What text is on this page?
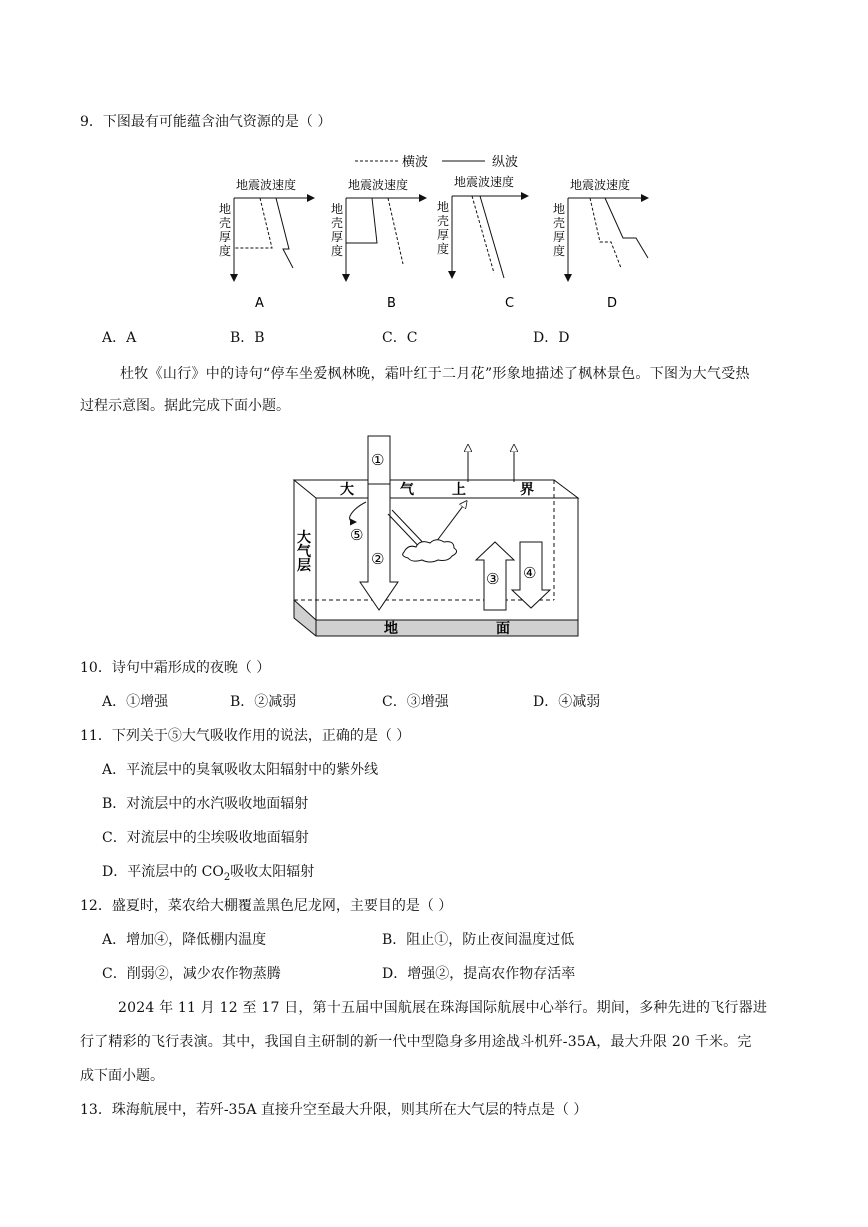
9．下图最有可能蕴含油气资源的是（ ）
横波	纵波
地震波速度
地
壳
厚
度
A
地震波速度
地
壳
厚
度
B
地震波速度
地
壳
厚
度
C
地震波速度
地
壳
厚
度
D
A．A	B．B	C．C	D．D
杜牧《山行》中的诗句“停车坐爱枫林晚，霜叶红于二月花”形象地描述了枫林景色。下图为大气受热
过程示意图。据此完成下面小题。
①
②
大	气	上	界
⑤
大
气
层
③ ④
地	面
10．诗句中霜形成的夜晚（ ）
A．①增强	B．②减弱	C．③增强	D．④减弱
11．下列关于⑤大气吸收作用的说法，正确的是（ ）
A．平流层中的臭氧吸收太阳辐射中的紫外线
B．对流层中的水汽吸收地面辐射
C．对流层中的尘埃吸收地面辐射
D．平流层中的 $CO_2$吸收太阳辐射
12．盛夏时，菜农给大棚覆盖黑色尼龙网，主要目的是（ ）
A．增加④，降低棚内温度	B．阻止①，防止夜间温度过低
C．削弱②，减少农作物蒸腾	D．增强②，提高农作物存活率
2024 年 11 月 12 至 17 日，第十五届中国航展在珠海国际航展中心举行。期间，多种先进的飞行器进
行了精彩的飞行表演。其中，我国自主研制的新一代中型隐身多用途战斗机歼-35A，最大升限 20 千米。完
成下面小题。
13．珠海航展中，若歼-35A 直接升空至最大升限，则其所在大气层的特点是（ ）
